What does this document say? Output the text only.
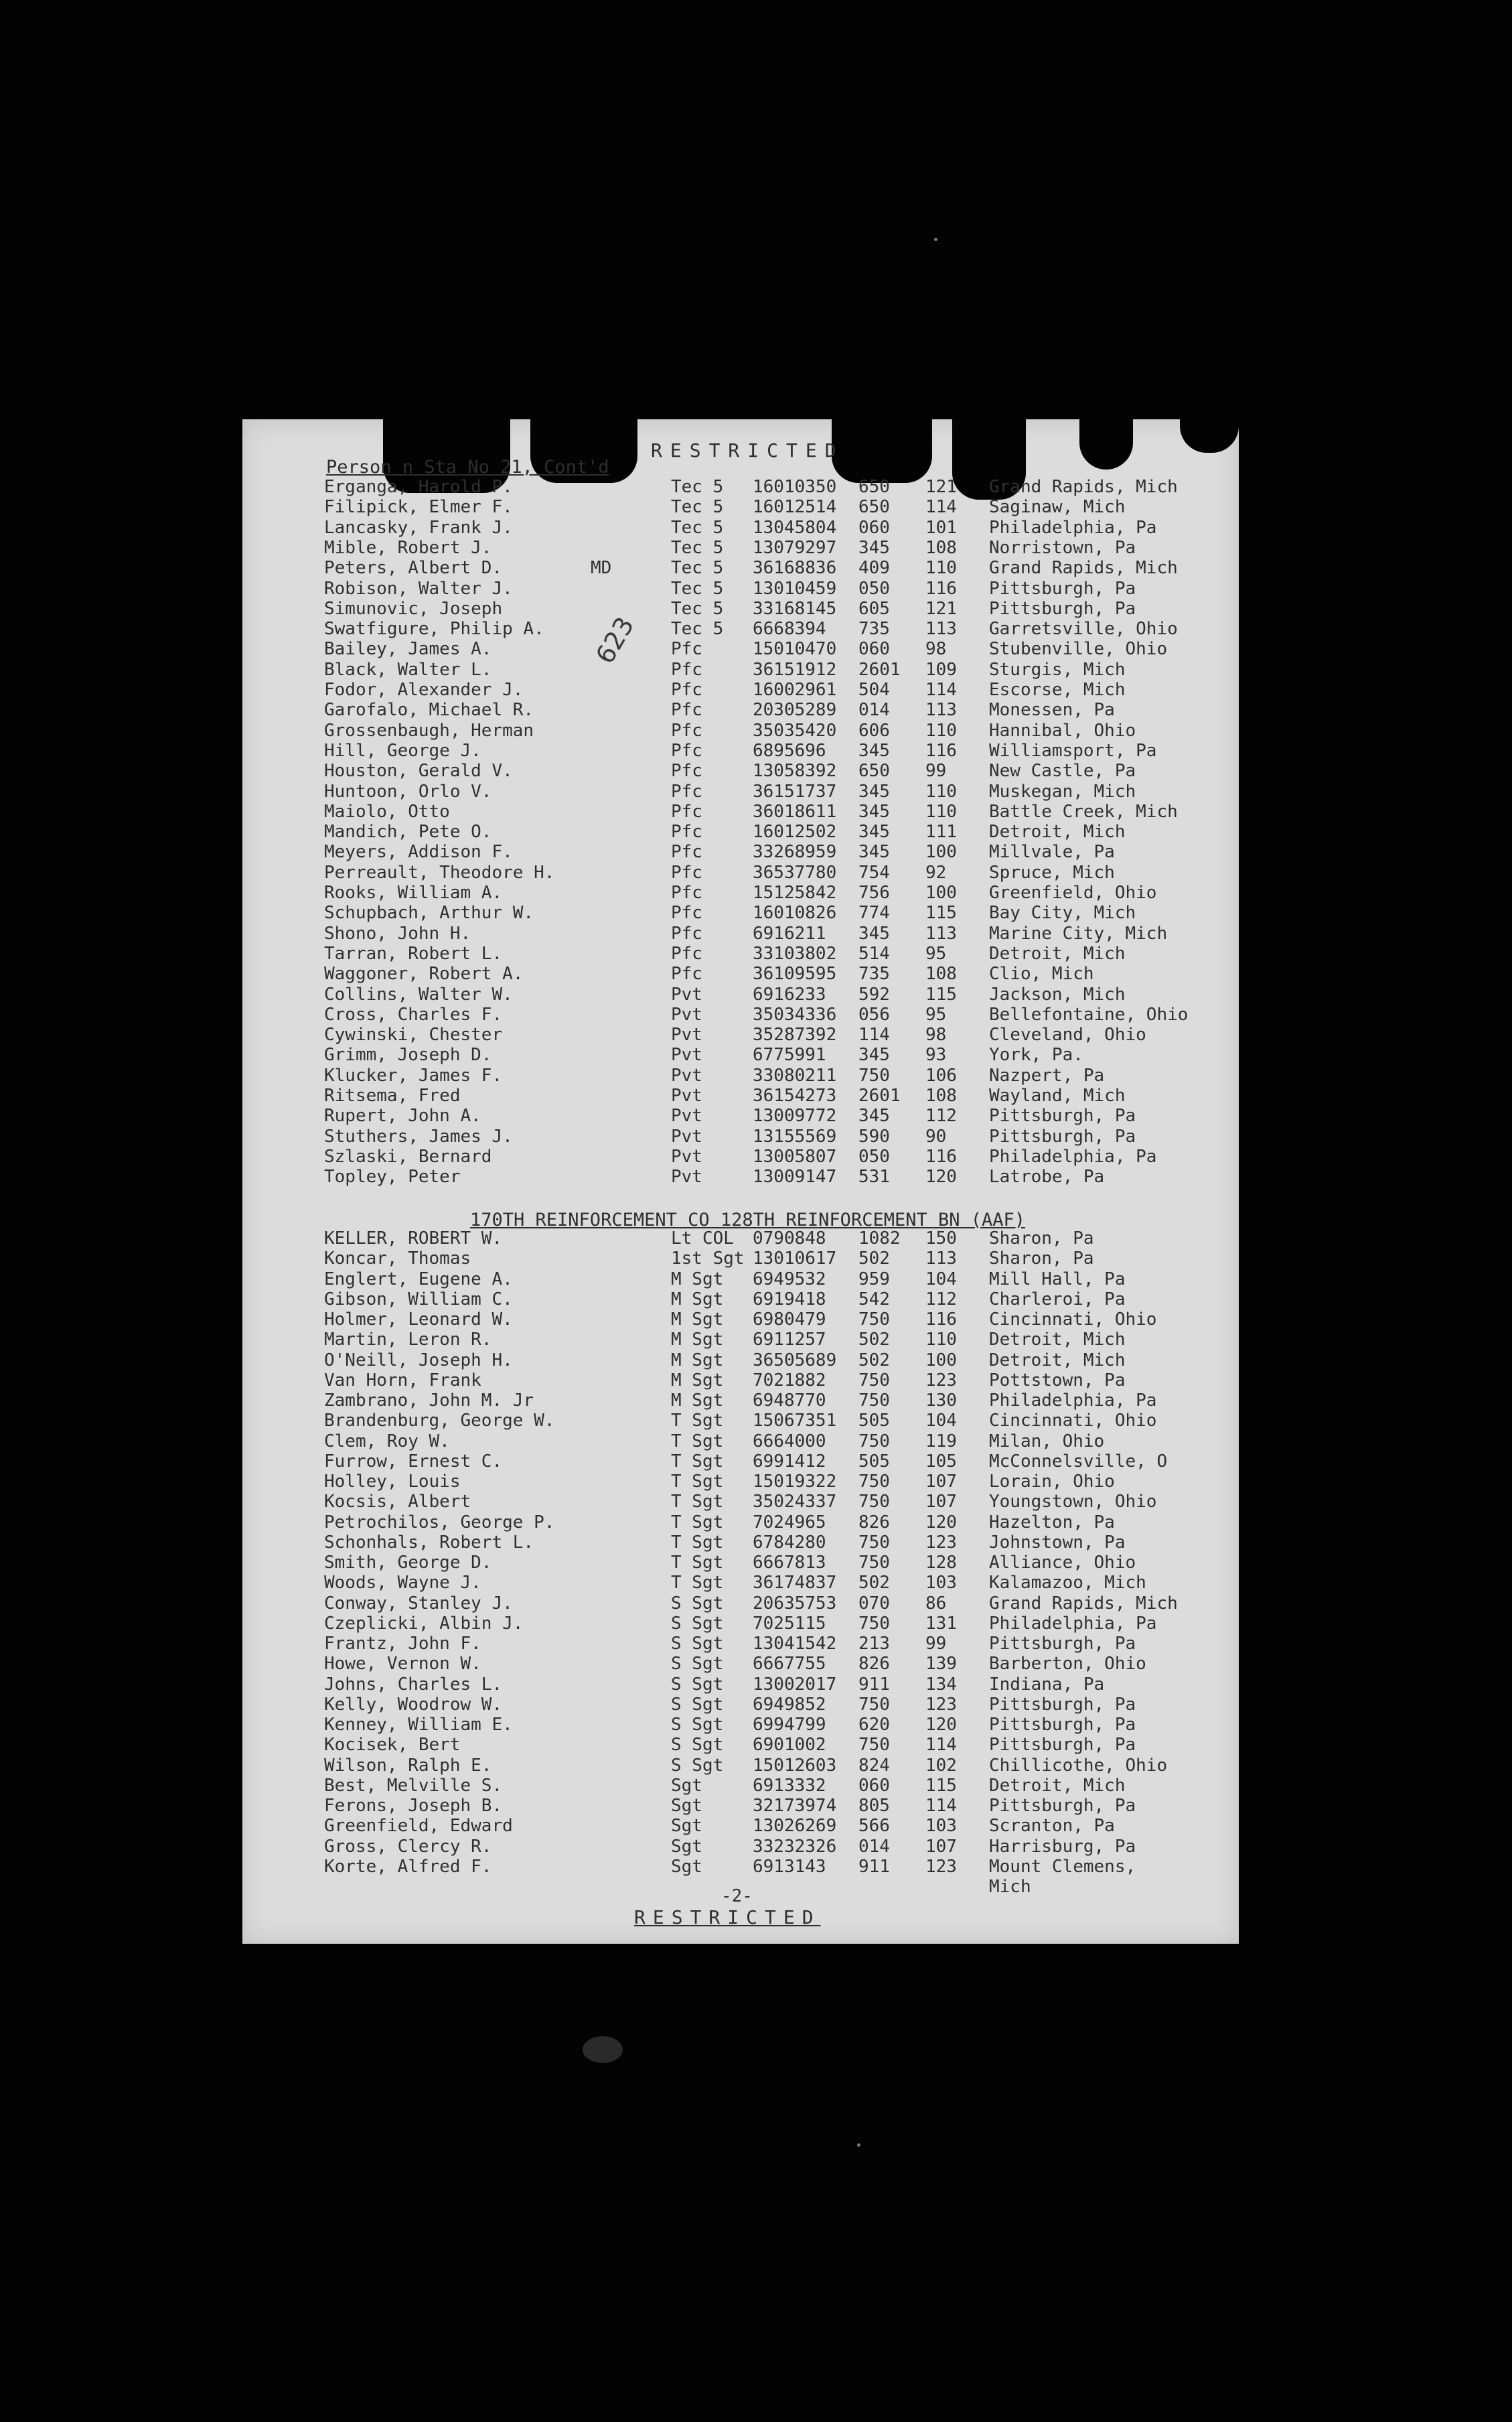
RESTRICTED
Person n Sta No 21, Cont'd
623
Erganga, Harold P.	Tec 5 16010350 650 121 Grand Rapids, Mich
Filipick, Elmer F.	Tec 5 16012514 650 114 Saginaw, Mich
Lancasky, Frank J.	Tec 5 13045804 060 101 Philadelphia, Pa
Mible, Robert J.	Tec 5 13079297 345 108 Norristown, Pa
Peters, Albert D.	MD	Tec 5 36168836 409 110 Grand Rapids, Mich
Robison, Walter J.	Tec 5 13010459 050 116 Pittsburgh, Pa
Simunovic, Joseph	Tec 5 33168145 605 121 Pittsburgh, Pa
Swatfigure, Philip A.	Tec 5 6668394 735 113 Garretsville, Ohio
Bailey, James A.	Pfc	15010470 060 98 Stubenville, Ohio
Black, Walter L.	Pfc	36151912 2601 109 Sturgis, Mich
Fodor, Alexander J.	Pfc	16002961 504 114 Escorse, Mich
Garofalo, Michael R.	Pfc	20305289 014 113 Monessen, Pa
Grossenbaugh, Herman	Pfc	35035420 606 110 Hannibal, Ohio
Hill, George J.	Pfc	6895696 345 116 Williamsport, Pa
Houston, Gerald V.	Pfc	13058392 650 99 New Castle, Pa
Huntoon, Orlo V.	Pfc	36151737 345 110 Muskegan, Mich
Maiolo, Otto	Pfc	36018611 345 110 Battle Creek, Mich
Mandich, Pete O.	Pfc	16012502 345 111 Detroit, Mich
Meyers, Addison F.	Pfc	33268959 345 100 Millvale, Pa
Perreault, Theodore H.	Pfc	36537780 754 92 Spruce, Mich
Rooks, William A.	Pfc	15125842 756 100 Greenfield, Ohio
Schupbach, Arthur W.	Pfc	16010826 774 115 Bay City, Mich
Shono, John H.	Pfc	6916211 345 113 Marine City, Mich
Tarran, Robert L.	Pfc	33103802 514 95 Detroit, Mich
Waggoner, Robert A.	Pfc	36109595 735 108 Clio, Mich
Collins, Walter W.	Pvt	6916233 592 115 Jackson, Mich
Cross, Charles F.	Pvt	35034336 056 95 Bellefontaine, Ohio
Cywinski, Chester	Pvt	35287392 114 98 Cleveland, Ohio
Grimm, Joseph D.	Pvt	6775991 345 93 York, Pa.
Klucker, James F.	Pvt	33080211 750 106 Nazpert, Pa
Ritsema, Fred	Pvt	36154273 2601 108 Wayland, Mich
Rupert, John A.	Pvt	13009772 345 112 Pittsburgh, Pa
Stuthers, James J.	Pvt	13155569 590 90 Pittsburgh, Pa
Szlaski, Bernard	Pvt	13005807 050 116 Philadelphia, Pa
Topley, Peter	Pvt	13009147 531 120 Latrobe, Pa
170TH REINFORCEMENT CO 128TH REINFORCEMENT BN (AAF)
KELLER, ROBERT W.	Lt COL 0790848 1082 150 Sharon, Pa
Koncar, Thomas	1st Sgt 13010617 502 113 Sharon, Pa
Englert, Eugene A.	M Sgt 6949532 959 104 Mill Hall, Pa
Gibson, William C.	M Sgt 6919418 542 112 Charleroi, Pa
Holmer, Leonard W.	M Sgt 6980479 750 116 Cincinnati, Ohio
Martin, Leron R.	M Sgt 6911257 502 110 Detroit, Mich
O'Neill, Joseph H.	M Sgt 36505689 502 100 Detroit, Mich
Van Horn, Frank	M Sgt 7021882 750 123 Pottstown, Pa
Zambrano, John M. Jr	M Sgt 6948770 750 130 Philadelphia, Pa
Brandenburg, George W.	T Sgt 15067351 505 104 Cincinnati, Ohio
Clem, Roy W.	T Sgt 6664000 750 119 Milan, Ohio
Furrow, Ernest C.	T Sgt 6991412 505 105 McConnelsville, O
Holley, Louis	T Sgt 15019322 750 107 Lorain, Ohio
Kocsis, Albert	T Sgt 35024337 750 107 Youngstown, Ohio
Petrochilos, George P.	T Sgt 7024965 826 120 Hazelton, Pa
Schonhals, Robert L.	T Sgt 6784280 750 123 Johnstown, Pa
Smith, George D.	T Sgt 6667813 750 128 Alliance, Ohio
Woods, Wayne J.	T Sgt 36174837 502 103 Kalamazoo, Mich
Conway, Stanley J.	S Sgt 20635753 070 86 Grand Rapids, Mich
Czeplicki, Albin J.	S Sgt 7025115 750 131 Philadelphia, Pa
Frantz, John F.	S Sgt 13041542 213 99 Pittsburgh, Pa
Howe, Vernon W.	S Sgt 6667755 826 139 Barberton, Ohio
Johns, Charles L.	S Sgt 13002017 911 134 Indiana, Pa
Kelly, Woodrow W.	S Sgt 6949852 750 123 Pittsburgh, Pa
Kenney, William E.	S Sgt 6994799 620 120 Pittsburgh, Pa
Kocisek, Bert	S Sgt 6901002 750 114 Pittsburgh, Pa
Wilson, Ralph E.	S Sgt 15012603 824 102 Chillicothe, Ohio
Best, Melville S.	Sgt	6913332 060 115 Detroit, Mich
Ferons, Joseph B.	Sgt	32173974 805 114 Pittsburgh, Pa
Greenfield, Edward	Sgt	13026269 566 103 Scranton, Pa
Gross, Clercy R.	Sgt	33232326 014 107 Harrisburg, Pa
Korte, Alfred F.	Sgt	6913143 911 123 Mount Clemens,
Mich
-2-
RESTRICTED
